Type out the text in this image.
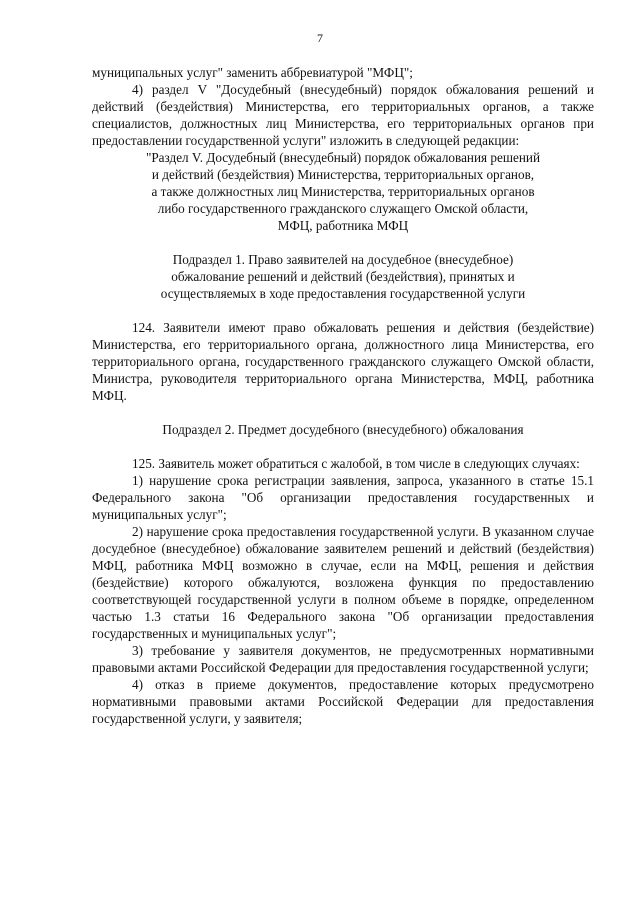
7

муниципальных услуг" заменить аббревиатурой "МФЦ";

4) раздел V "Досудебный (внесудебный) порядок обжалования решений и действий (бездействия) Министерства, его территориальных органов, а также специалистов, должностных лиц Министерства, его территориальных органов при предоставлении государственной услуги" изложить в следующей редакции:

"Раздел V. Досудебный (внесудебный) порядок обжалования решений

и действий (бездействия) Министерства, территориальных органов,

а также должностных лиц Министерства, территориальных органов

либо государственного гражданского служащего Омской области,

МФЦ, работника МФЦ

Подраздел 1. Право заявителей на досудебное (внесудебное)

обжалование решений и действий (бездействия), принятых и

осуществляемых в ходе предоставления государственной услуги

124. Заявители имеют право обжаловать решения и действия (бездействие) Министерства, его территориального органа, должностного лица Министерства, его территориального органа, государственного гражданского служащего Омской области, Министра, руководителя территориального органа Министерства, МФЦ, работника МФЦ.

Подраздел 2. Предмет досудебного (внесудебного) обжалования

125. Заявитель может обратиться с жалобой, в том числе в следующих случаях:

1) нарушение срока регистрации заявления, запроса, указанного в статье 15.1 Федерального закона "Об организации предоставления государственных и муниципальных услуг";

2) нарушение срока предоставления государственной услуги. В указанном случае досудебное (внесудебное) обжалование заявителем решений и действий (бездействия) МФЦ, работника МФЦ возможно в случае, если на МФЦ, решения и действия (бездействие) которого обжалуются, возложена функция по предоставлению соответствующей государственной услуги в полном объеме в порядке, определенном частью 1.3 статьи 16 Федерального закона "Об организации предоставления государственных и муниципальных услуг";

3) требование у заявителя документов, не предусмотренных нормативными правовыми актами Российской Федерации для предоставления государственной услуги;

4) отказ в приеме документов, предоставление которых предусмотрено нормативными правовыми актами Российской Федерации для предоставления государственной услуги, у заявителя;
